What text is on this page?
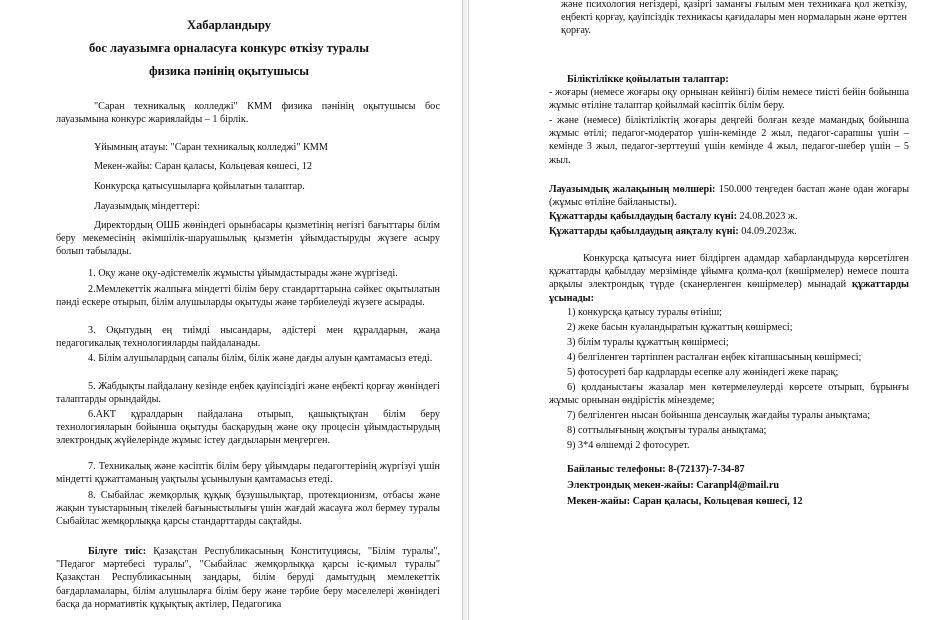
Хабарландыру
бос лауазымға орналасуға конкурс өткізу туралы
физика пәнінің оқытушысы
"Саран техникалық колледжі" КММ физика пәнінің оқытушысы бос лауазымына конкурс жариялайды – 1 бірлік.
Ұйымның атауы: "Саран техникалық колледжі" КММ
Мекен-жайы: Саран қаласы, Кольцевая көшесі, 12
Конкурсқа қатысушыларға қойылатын талаптар.
Лауазымдық міндеттері:
Директордың ОШБ жөніндегі орынбасары қызметінің негізгі бағыттары білім беру мекемесінің әкімшілік-шаруашылық қызметін ұйымдастыруды жүзеге асыру болып табылады.
1. Оқу және оқу-әдістемелік жұмысты ұйымдастырады және жүргізеді.
2.Мемлекеттік жалпыға міндетті білім беру стандарттарына сәйкес оқытылатын пәнді ескере отырып, білім алушыларды оқытуды және тәрбиелеуді жүзеге асырады.
3. Оқытудың ең тиімді нысандары, әдістері мен құралдарын, жаңа педагогикалық технологияларды пайдаланады.
4. Білім алушылардың сапалы білім, білік және дағды алуын қамтамасыз етеді.
5. Жабдықты пайдалану кезінде еңбек қауіпсіздігі және еңбекті қорғау жөніндегі талаптарды орындайды.
6.АКТ құралдарын пайдалана отырып, қашықтықтан білім беру технологияларын бойынша оқытуды басқарудың және оқу процесін ұйымдастырудың электрондық жүйелерінде жұмыс істеу дағдыларын меңгерген.
7. Техникалық және кәсіптік білім беру ұйымдары педагогтерінің жүргізуі үшін міндетті құжаттаманың уақтылы ұсынылуын қамтамасыз етеді.
8. Сыбайлас жемқорлық құқық бұзушылықтар, протекционизм, отбасы және жақын туыстарының тікелей бағыныстылығы үшін жағдай жасауға жол бермеу туралы Сыбайлас жемқорлыққа қарсы стандарттарды сақтайды.
Білуге тиіс: Қазақстан Республикасының Конституциясы, "Білім туралы", "Педагог мәртебесі туралы", "Сыбайлас жемқорлыққа қарсы іс-қимыл туралы" Қазақстан Республикасының заңдары, білім беруді дамытудың мемлекеттік бағдарламалары, білім алушыларға білім беру және тәрбие беру мәселелері жөніндегі басқа да нормативтік құқықтық актілер, Педагогика
және психология негіздері, қазіргі заманғы ғылым мен техникаға қол жеткізу, еңбекті қорғау, қауіпсіздік техникасы қағидалары мен нормаларын және өрттен қорғау.
Біліктілікке қойылатын талаптар:
- жоғары (немесе жоғары оқу орнынан кейінгі) білім немесе тиісті бейін бойынша жұмыс өтіліне талаптар қойылмай кәсіптік білім беру.
- және (немесе) біліктіліктің жоғары деңгейі болған кезде мамандық бойынша жұмыс өтілі; педагог-модератор үшін-кемінде 2 жыл, педагог-сарапшы үшін – кемінде 3 жыл, педагог-зерттеуші үшін кемінде 4 жыл, педагог-шебер үшін – 5 жыл.
Лауазымдық жалақының мөлшері: 150.000 теңгеден бастап және одан жоғары (жұмыс өтіліне байланысты).
Құжаттарды қабылдаудың басталу күні: 24.08.2023 ж.
Құжаттарды қабылдаудың аяқталу күні: 04.09.2023ж.
Конкурсқа қатысуға ниет білдірген адамдар хабарландыруда көрсетілген құжаттарды қабылдау мерзімінде ұйымға қолма-қол (көшірмелер) немесе пошта арқылы электрондық түрде (сканерленген көшірмелер) мынадай құжаттарды ұсынады:
1) конкурсқа қатысу туралы өтініш;
2) жеке басын куәландыратын құжаттың көшірмесі;
3) білім туралы құжаттың көшірмесі;
4) белгіленген тәртіппен расталған еңбек кітапшасының көшірмесі;
5) фотосуреті бар кадрларды есепке алу жөніндегі жеке парақ;
6) қолданыстағы жазалар мен көтермелеулерді көрсете отырып, бұрынғы жұмыс орнынан өндірістік мінездеме;
7) белгіленген нысан бойынша денсаулық жағдайы туралы анықтама;
8) соттылығының жоқтығы туралы анықтама;
9) 3*4 өлшемді 2 фотосурет.
Байланыс телефоны: 8-(72137)-7-34-87
Электрондық мекен-жайы: Caranpl4@mail.ru
Мекен-жайы: Саран қаласы, Кольцевая көшесі, 12
